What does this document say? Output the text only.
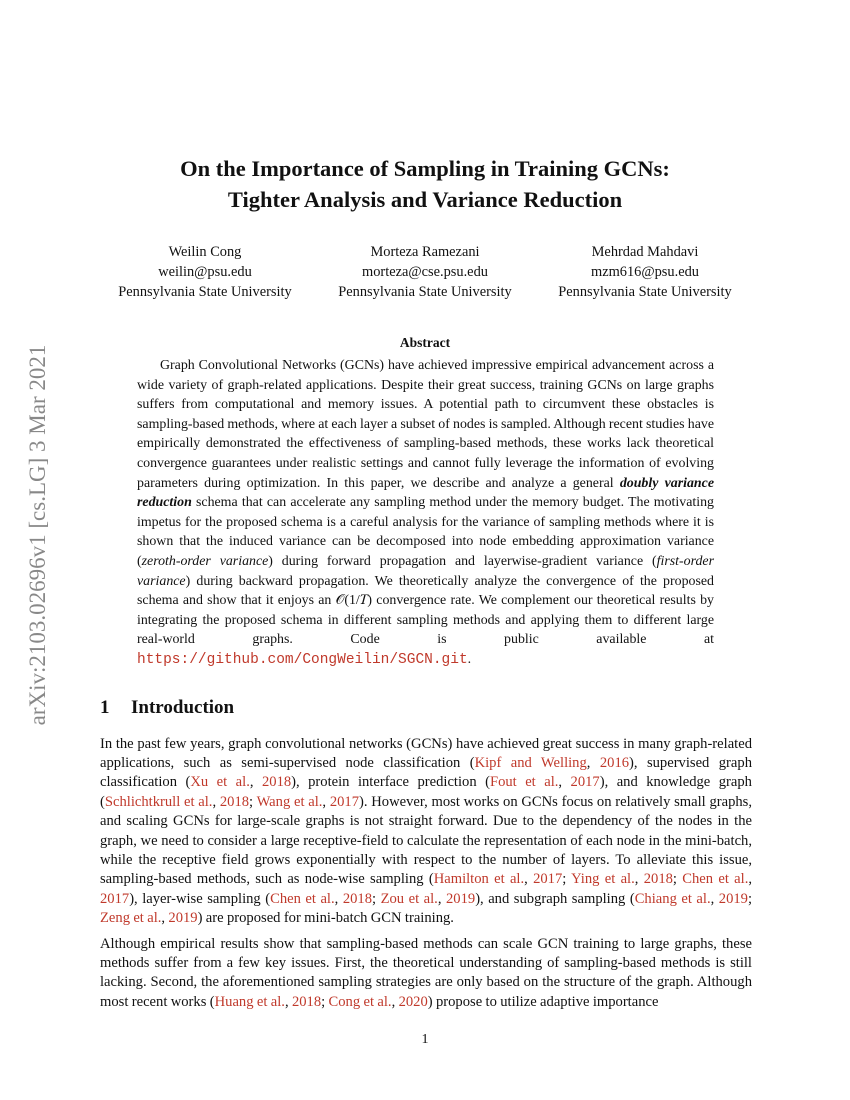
arXiv:2103.02696v1 [cs.LG] 3 Mar 2021
On the Importance of Sampling in Training GCNs:
Tighter Analysis and Variance Reduction
Weilin Cong
weilin@psu.edu
Pennsylvania State University
Morteza Ramezani
morteza@cse.psu.edu
Pennsylvania State University
Mehrdad Mahdavi
mzm616@psu.edu
Pennsylvania State University
Abstract

Graph Convolutional Networks (GCNs) have achieved impressive empirical advancement across a wide variety of graph-related applications. Despite their great success, training GCNs on large graphs suffers from computational and memory issues. A potential path to circumvent these obstacles is sampling-based methods, where at each layer a subset of nodes is sampled. Although recent studies have empirically demonstrated the effectiveness of sampling-based methods, these works lack theoretical convergence guarantees under realistic settings and cannot fully leverage the information of evolving parameters during optimization. In this paper, we describe and analyze a general doubly variance reduction schema that can accelerate any sampling method under the memory budget. The motivating impetus for the proposed schema is a careful analysis for the variance of sampling methods where it is shown that the induced variance can be decomposed into node embedding approximation variance (zeroth-order variance) during forward propagation and layerwise-gradient variance (first-order variance) during backward propagation. We theoretically analyze the convergence of the proposed schema and show that it enjoys an 𝒪(1/𝑇) convergence rate. We complement our theoretical results by integrating the proposed schema in different sampling methods and applying them to different large real-world graphs. Code is public available at https://github.com/CongWeilin/SGCN.git.

1 Introduction

In the past few years, graph convolutional networks (GCNs) have achieved great success in many graph-related applications, such as semi-supervised node classification (Kipf and Welling, 2016), supervised graph classification (Xu et al., 2018), protein interface prediction (Fout et al., 2017), and knowledge graph (Schlichtkrull et al., 2018; Wang et al., 2017). However, most works on GCNs focus on relatively small graphs, and scaling GCNs for large-scale graphs is not straight forward. Due to the dependency of the nodes in the graph, we need to consider a large receptive-field to calculate the representation of each node in the mini-batch, while the receptive field grows exponentially with respect to the number of layers. To alleviate this issue, sampling-based methods, such as node-wise sampling (Hamilton et al., 2017; Ying et al., 2018; Chen et al., 2017), layer-wise sampling (Chen et al., 2018; Zou et al., 2019), and subgraph sampling (Chiang et al., 2019; Zeng et al., 2019) are proposed for mini-batch GCN training.

Although empirical results show that sampling-based methods can scale GCN training to large graphs, these methods suffer from a few key issues. First, the theoretical understanding of sampling-based methods is still lacking. Second, the aforementioned sampling strategies are only based on the structure of the graph. Although most recent works (Huang et al., 2018; Cong et al., 2020) propose to utilize adaptive importance

1
